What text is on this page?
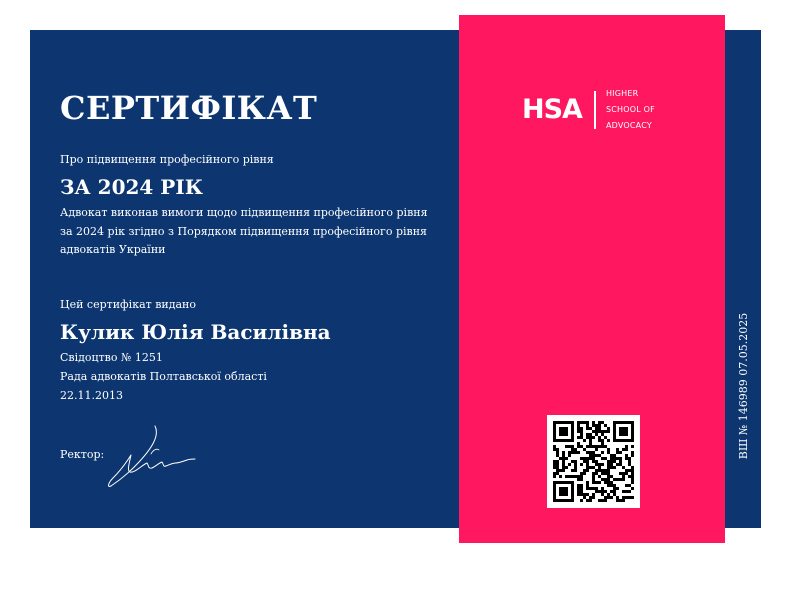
СЕРТИФІКАТ
Про підвищення професійного рівня
ЗА 2024 РІК
Адвокат виконав вимоги щодо підвищення професійного рівня за 2024 рік згідно з Порядком підвищення професійного рівня адвокатів України
Цей сертифікат видано
Кулик Юлія Василівна
Свідоцтво № 1251
Рада адвокатів Полтавської області
22.11.2013
Ректор:
HSA
HIGHER
SCHOOL OF
ADVOCACY
ВШ № 146989 07.05.2025
